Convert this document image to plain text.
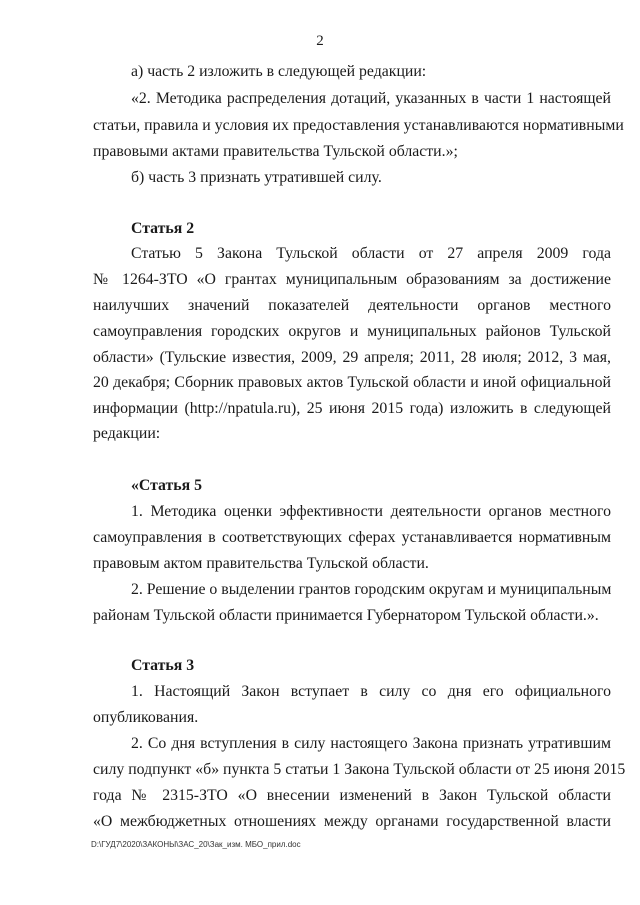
2
а) часть 2 изложить в следующей редакции:
«2. Методика распределения дотаций, указанных в части 1 настоящей
статьи, правила и условия их предоставления устанавливаются нормативными
правовыми актами правительства Тульской области.»;
б) часть 3 признать утратившей силу.
Статья 2
Статью 5 Закона Тульской области от 27 апреля 2009 года
№ 1264-ЗТО «О грантах муниципальным образованиям за достижение
наилучших значений показателей деятельности органов местного
самоуправления городских округов и муниципальных районов Тульской
области» (Тульские известия, 2009, 29 апреля; 2011, 28 июля; 2012, 3 мая,
20 декабря; Сборник правовых актов Тульской области и иной официальной
информации (http://npatula.ru), 25 июня 2015 года) изложить в следующей
редакции:
«Статья 5
1. Методика оценки эффективности деятельности органов местного
самоуправления в соответствующих сферах устанавливается нормативным
правовым актом правительства Тульской области.
2. Решение о выделении грантов городским округам и муниципальным
районам Тульской области принимается Губернатором Тульской области.».
Статья 3
1. Настоящий Закон вступает в силу со дня его официального
опубликования.
2. Со дня вступления в силу настоящего Закона признать утратившим
силу подпункт «б» пункта 5 статьи 1 Закона Тульской области от 25 июня 2015
года № 2315-ЗТО «О внесении изменений в Закон Тульской области
«О межбюджетных отношениях между органами государственной власти
D:\ГУД7\2020\ЗАКОНЫ\ЗАС_20\Зак_изм. МБО_прил.doc
